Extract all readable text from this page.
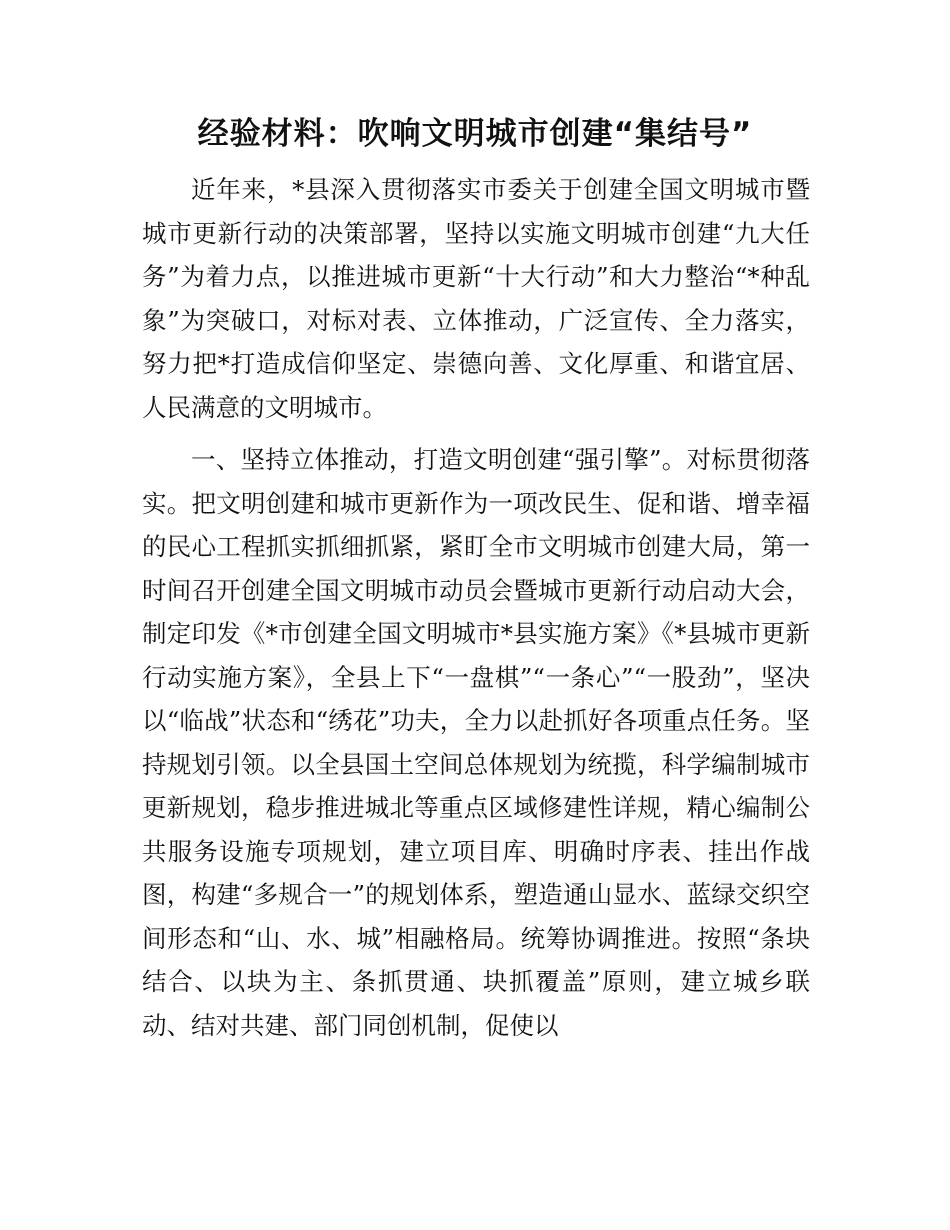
经验材料：吹响文明城市创建“集结号”

近年来，*县深入贯彻落实市委关于创建全国文明城市暨城市更新行动的决策部署，坚持以实施文明城市创建“九大任务”为着力点，以推进城市更新“十大行动”和大力整治“*种乱象”为突破口，对标对表、立体推动，广泛宣传、全力落实，努力把*打造成信仰坚定、崇德向善、文化厚重、和谐宜居、人民满意的文明城市。

一、坚持立体推动，打造文明创建“强引擎”。对标贯彻落实。把文明创建和城市更新作为一项改民生、促和谐、增幸福的民心工程抓实抓细抓紧，紧盯全市文明城市创建大局，第一时间召开创建全国文明城市动员会暨城市更新行动启动大会，制定印发《*市创建全国文明城市*县实施方案》《*县城市更新行动实施方案》，全县上下“一盘棋”“一条心”“一股劲”，坚决以“临战”状态和“绣花”功夫，全力以赴抓好各项重点任务。坚持规划引领。以全县国土空间总体规划为统揽，科学编制城市更新规划，稳步推进城北等重点区域修建性详规，精心编制公共服务设施专项规划，建立项目库、明确时序表、挂出作战图，构建“多规合一”的规划体系，塑造通山显水、蓝绿交织空间形态和“山、水、城”相融格局。统筹协调推进。按照“条块结合、以块为主、条抓贯通、块抓覆盖”原则，建立城乡联动、结对共建、部门同创机制，促使以
